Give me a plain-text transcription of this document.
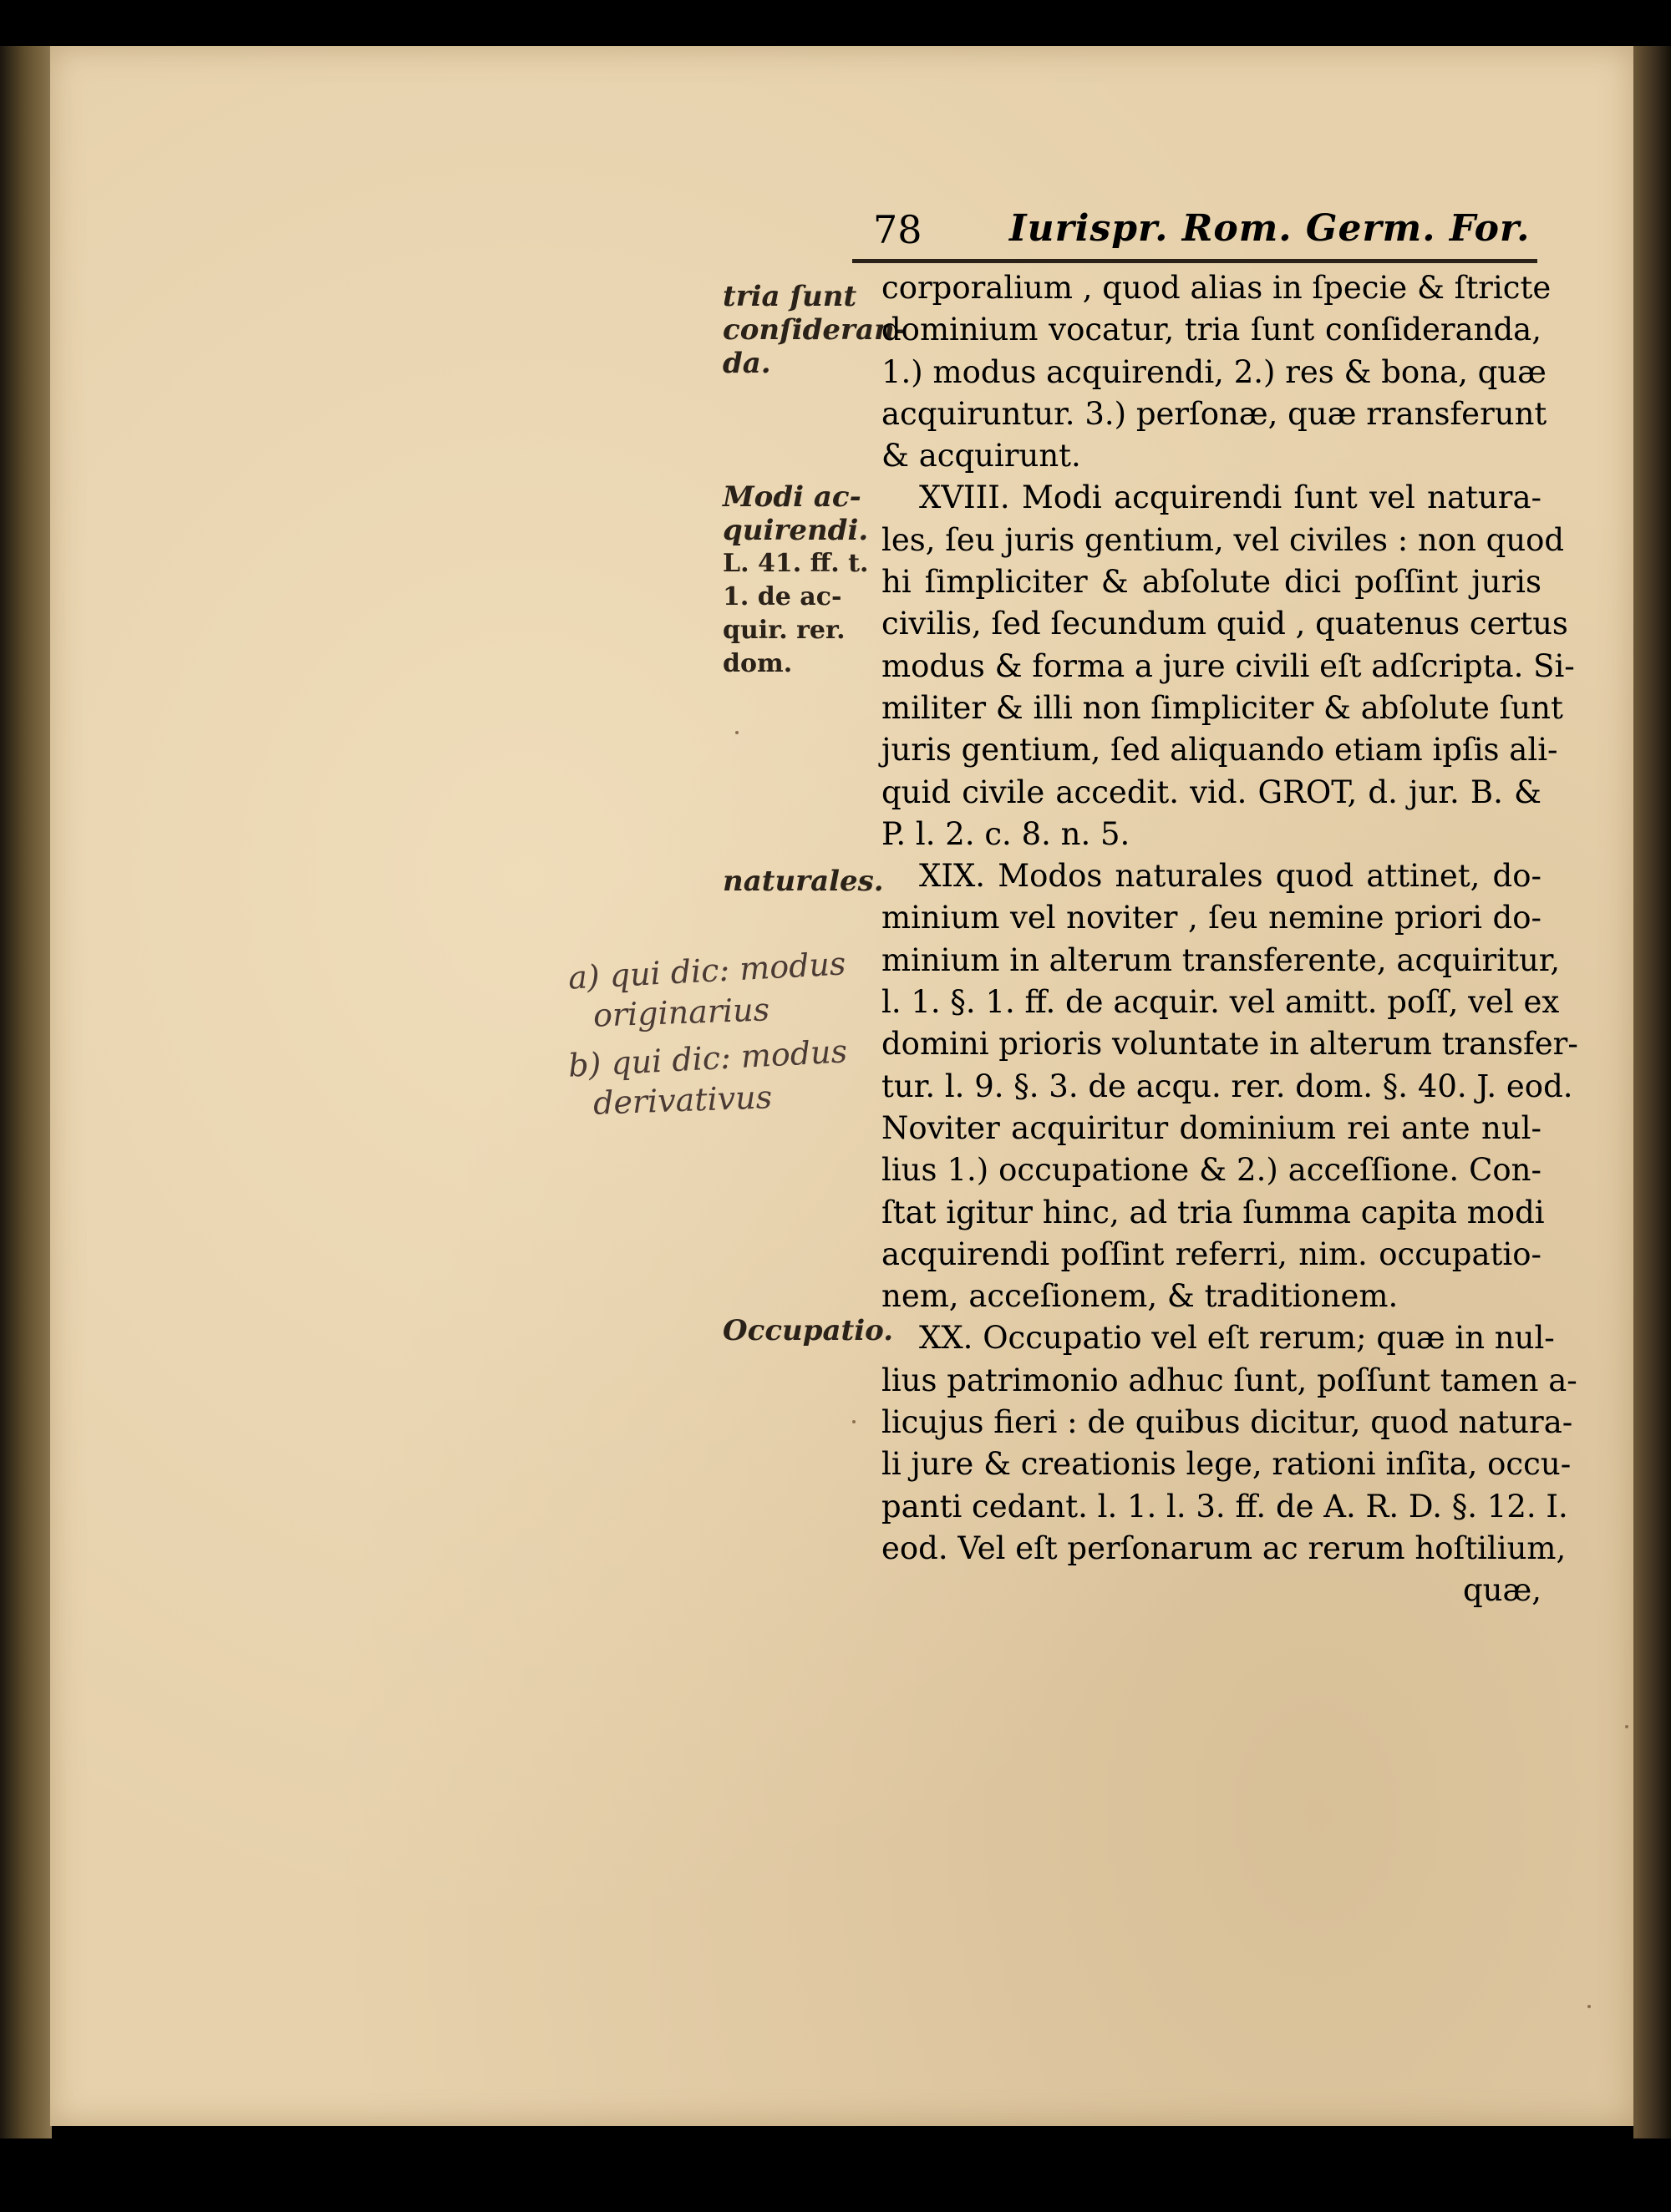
78 Iurispr. Rom. Germ. For.
tria ſunt
conſideran-
da.
Modi ac-
quirendi.
L. 41. ff. t.
1. de ac-
quir. rer.
dom.
naturales.
Occupatio.
a) qui dic: modus
originarius
b) qui dic: modus
derivativus
corporalium , quod alias in ſpecie & ſtricte
dominium vocatur, tria ſunt conſideranda,
1.) modus acquirendi, 2.) res & bona, quæ
acquiruntur. 3.) perſonæ, quæ rransferunt
& acquirunt.
XVIII. Modi acquirendi ſunt vel natura-
les, ſeu juris gentium, vel civiles : non quod
hi ſimpliciter & abſolute dici poſſint juris
civilis, ſed ſecundum quid , quatenus certus
modus & forma a jure civili eſt adſcripta. Si-
militer & illi non ſimpliciter & abſolute ſunt
juris gentium, ſed aliquando etiam ipſis ali-
quid civile accedit. vid. GROT, d. jur. B. &
P. l. 2. c. 8. n. 5.
XIX. Modos naturales quod attinet, do-
minium vel noviter , ſeu nemine priori do-
minium in alterum transferente, acquiritur,
l. 1. §. 1. ff. de acquir. vel amitt. poſſ, vel ex
domini prioris voluntate in alterum transfer-
tur. l. 9. §. 3. de acqu. rer. dom. §. 40. J. eod.
Noviter acquiritur dominium rei ante nul-
lius 1.) occupatione & 2.) acceſſione. Con-
ſtat igitur hinc, ad tria ſumma capita modi
acquirendi poſſint referri, nim. occupatio-
nem, acceſionem, & traditionem.
XX. Occupatio vel eſt rerum; quæ in nul-
lius patrimonio adhuc ſunt, poſſunt tamen a-
licujus fieri : de quibus dicitur, quod natura-
li jure & creationis lege, rationi inſita, occu-
panti cedant. l. 1. l. 3. ff. de A. R. D. §. 12. I.
eod. Vel eſt perſonarum ac rerum hoſtilium,
quæ,
